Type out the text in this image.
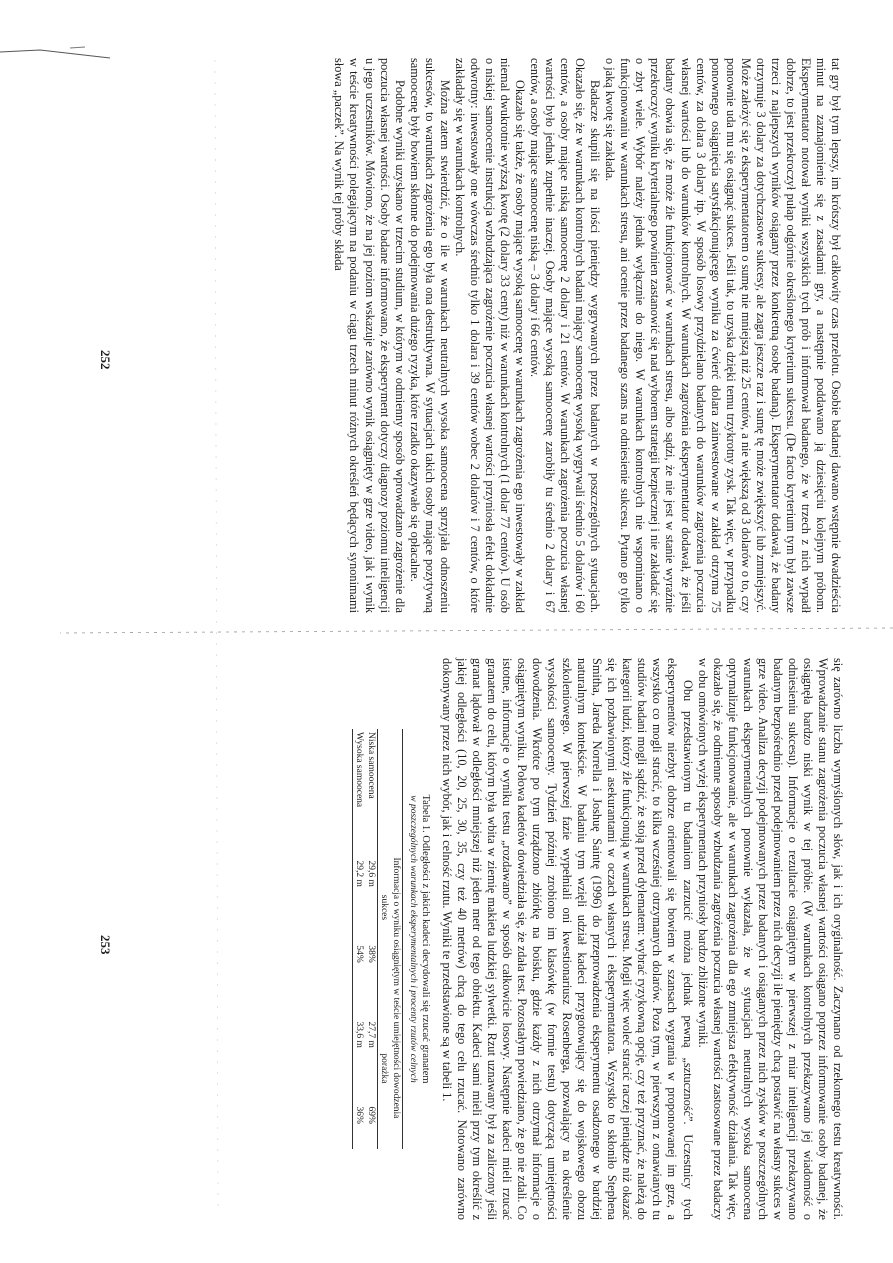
tat gry był tym lepszy, im krótszy był całkowity czas przelotu. Osobie badanej dawano wstępnie dwadzieścia minut na zaznajomienie się z zasadami gry, a następnie poddawano ją dziesięciu kolejnym próbom. Eksperymentator notował wyniki wszystkich tych prób i informował badanego, że w trzech z nich wypadł dobrze, to jest przekroczył pułap odgórnie określonego kryterium sukcesu. (De facto kryterium tym był zawsze trzeci z najlepszych wyników osiągany przez konkretną osobę badaną). Eksperymentator dodawał, że badany otrzymuje 3 dolary za dotychczasowe sukcesy, ale zagra jeszcze raz i sumę tę może zwiększyć lub zmniejszyć. Może założyć się z eksperymentatorem o sumę nie mniejszą niż 25 centów, a nie większą od 3 dolarów o to, czy ponownie uda mu się osiągnąć sukces. Jeśli tak, to uzyska dzięki temu trzykrotny zysk. Tak więc, w przypadku ponownego osiągnięcia satysfakcjonującego wyniku za ćwierć dolara zainwestowane w zakład otrzyma 75 centów, za dolara 3 dolary itp. W sposób losowy przydzielano badanych do warunków zagrożenia poczucia własnej wartości lub do warunków kontrolnych. W warunkach zagrożenia eksperymentator dodawał, że jeśli badany obawia się, że może źle funkcjonować w warunkach stresu, albo sądzi, że nie jest w stanie wyraźnie przekroczyć wyniku kryterialnego powinien zastanowić się nad wyborem strategii bezpiecznej i nie zakładać się o zbyt wiele. Wybór należy jednak wyłącznie do niego. W warunkach kontrolnych nie wspominano o funkcjonowaniu w warunkach stresu, ani ocenie przez badanego szans na odniesienie sukcesu. Pytano go tylko o jaką kwotę się zakłada.

Badacze skupili się na ilości pieniędzy wygrywanych przez badanych w poszczególnych sytuacjach. Okazało się, że w warunkach kontrolnych badani mający samoocenę wysoką wygrywali średnio 5 dolarów i 60 centów, a osoby mające niską samoocenę 2 dolary i 21 centów. W warunkach zagrożenia poczucia własnej wartości było jednak zupełnie inaczej. Osoby mające wysoką samoocenę zarobiły tu średnio 2 dolary i 67 centów, a osoby mające samoocenę niską – 3 dolary i 66 centów.

Okazało się także, że osoby mające wysoką samoocenę w warunkach zagrożenia ego inwestowały w zakład niemal dwukrotnie wyższą kwotę (2 dolary 33 centy) niż w warunkach kontrolnych (1 dolar 77 centów). U osób o niskiej samoocenie instrukcja wzbudzająca zagrożenie poczucia własnej wartości przyniosła efekt dokładnie odwrotny: inwestowały one wówczas średnio tylko 1 dolara i 39 centów wobec 2 dolarów i 7 centów, o które zakładały się w warunkach kontrolnych.

Można zatem stwierdzić, że o ile w warunkach neutralnych wysoka samoocena sprzyjała odnoszeniu sukcesów, to warunkach zagrożenia ego była ona destruktywna. W sytuacjach takich osoby mające pozytywną samoocenę były bowiem skłonne do podejmowania dużego ryzyka, które rzadko okazywało się opłacalne.

Podobne wyniki uzyskano w trzecim studium, w którym w odmienny sposób wprowadzano zagrożenie dla poczucia własnej wartości. Osoby badane informowano, że eksperyment dotyczy diagnozy poziomu inteligencji u jego uczestników. Mówiono, że na jej poziom wskazuje zarówno wynik osiągnięty w grze video, jak i wynik w teście kreatywności polegającym na podaniu w ciągu trzech minut różnych określeń będących synonimami słowa „paczek”. Na wynik tej próby składa

252

się zarówno liczba wymyślonych słów, jak i ich oryginalność. Zaczynano od rzekomego testu kreatywności. Wprowadzanie stanu zagrożenia poczucia własnej wartości osiągano poprzez informowanie osoby badanej, że osiągnęła bardzo niski wynik w tej próbie. (W warunkach kontrolnych przekazywano jej wiadomość o odniesieniu sukcesu). Informacje o rezultacie osiągniętym w pierwszej z miar inteligencji przekazywano badanym bezpośrednio przed podejmowaniem przez nich decyzji ile pieniędzy chcą postawić na własny sukces w grze video. Analiza decyzji podejmowanych przez badanych i osiąganych przez nich zysków w poszczególnych warunkach eksperymentalnych ponownie wykazała, że w sytuacjach neutralnych wysoka samoocena optymalizuje funkcjonowanie, ale w warunkach zagrożenia dla ego zmniejsza efektywność działania. Tak więc, okazało się, że odmienne sposoby wzbudzania zagrożenia poczucia własnej wartości zastosowane przez badaczy w obu omówionych wyżej eksperymentach przyniosły bardzo zbliżone wyniki.

Obu przedstawionym tu badaniom zarzucić można jednak pewną „sztuczność”. Uczestnicy tych eksperymentów niezbyt dobrze orientowali się bowiem w szansach wygrania w proponowanej im grze, a wszystko co mogli stracić, to kilka wcześniej otrzymanych dolarów. Poza tym, w pierwszym z omawianych tu studiów badani mogli sądzić, że stoją przed dylematem: wybrać ryzykowną opcję, czy też przyznać, że należą do kategorii ludzi, którzy źle funkcjonują w warunkach stresu. Mogli więc woleć stracić raczej pieniądze niż okazać się ich pozbawionymi asekurantami w oczach własnych i eksperymentatora. Wszystko to skłoniło Stephena Smitha, Jareda Norrella i Joshuę Saintę (1996) do przeprowadzenia eksperymentu osadzonego w bardziej naturalnym kontekście. W badaniu tym wzięli udział kadeci przygotowujący się do wojskowego obozu szkoleniowego. W pierwszej fazie wypełniali oni kwestionariusz Rosenberga, pozwalający na określenie wysokości samooceny. Tydzień później zrobiono im klasówkę (w formie testu) dotyczącą umiejętności dowodzenia. Wkrótce po tym urządzono zbiórkę na boisku, gdzie każdy z nich otrzymał informacje o osiągniętym wyniku. Połowa kadetów dowiedziała się, że zdała test. Pozostałym powiedziano, że go nie zdali. Co istotne, informacje o wyniku testu „rozdawano” w sposób całkowicie losowy. Następnie kadeci mieli rzucać granatem do celu, którym była wbita w ziemię makieta ludzkiej sylwetki. Rzut uznawany był za zaliczony jeśli granat lądował w odległości mniejszej niż jeden metr od tego obiektu. Kadeci sami mieli przy tym określić z jakiej odległości (10, 20, 25, 30, 35, czy też 40 metrów) chcą do tego celu rzucać. Notowano zarówno dokonywany przez nich wybór, jak i celność rzutu. Wyniki te przedstawione są w tabeli 1.

Tabela 1. Odległości z jakich kadeci decydowali się rzucać granatem
w poszczególnych warunkach eksperymentalnych i procenty rzutów celnych
	Informacja o wyniku osiągniętym w teście umiejętności dowodzenia			
	sukces		porażka	
Niska samoocena	29,6 m	38%	27,7 m	69%
Wysoka samoocena	29,2 m	54%	33,6 m	36%
253
